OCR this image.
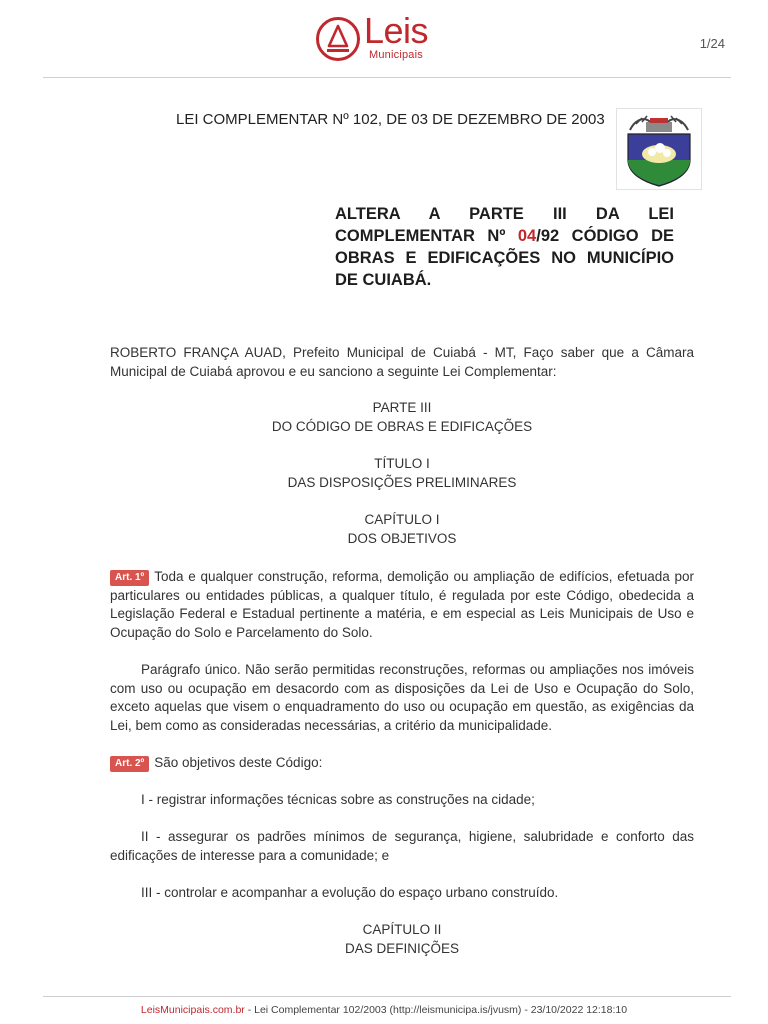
Leis
Municipais
1/24
LEI COMPLEMENTAR Nº 102, DE 03 DE DEZEMBRO DE 2003
ALTERA A PARTE III DA LEI COMPLEMENTAR Nº 04/92 CÓDIGO DE OBRAS E EDIFICAÇÕES NO MUNICÍPIO DE CUIABÁ.
ROBERTO FRANÇA AUAD, Prefeito Municipal de Cuiabá - MT, Faço saber que a Câmara Municipal de Cuiabá aprovou e eu sanciono a seguinte Lei Complementar:
PARTE III
DO CÓDIGO DE OBRAS E EDIFICAÇÕES
TÍTULO I
DAS DISPOSIÇÕES PRELIMINARES
CAPÍTULO I
DOS OBJETIVOS
Art. 1º Toda e qualquer construção, reforma, demolição ou ampliação de edifícios, efetuada por particulares ou entidades públicas, a qualquer título, é regulada por este Código, obedecida a Legislação Federal e Estadual pertinente a matéria, e em especial as Leis Municipais de Uso e Ocupação do Solo e Parcelamento do Solo.
Parágrafo único. Não serão permitidas reconstruções, reformas ou ampliações nos imóveis com uso ou ocupação em desacordo com as disposições da Lei de Uso e Ocupação do Solo, exceto aquelas que visem o enquadramento do uso ou ocupação em questão, as exigências da Lei, bem como as consideradas necessárias, a critério da municipalidade.
Art. 2º São objetivos deste Código:
I - registrar informações técnicas sobre as construções na cidade;
II - assegurar os padrões mínimos de segurança, higiene, salubridade e conforto das edificações de interesse para a comunidade; e
III - controlar e acompanhar a evolução do espaço urbano construído.
CAPÍTULO II
DAS DEFINIÇÕES
LeisMunicipais.com.br - Lei Complementar 102/2003 (http://leismunicipa.is/jvusm) - 23/10/2022 12:18:10
